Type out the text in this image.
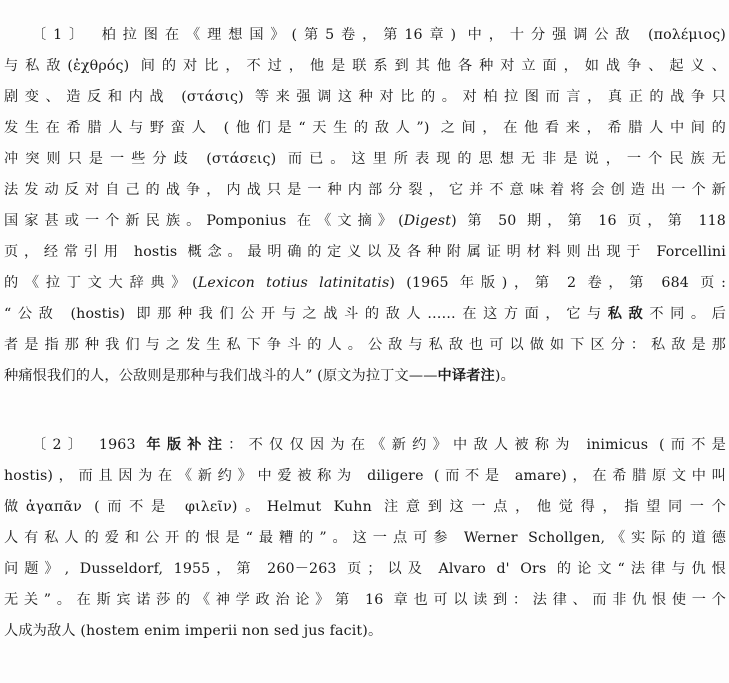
〔1〕 柏拉图在《理想国》(第5卷，第16章) 中，十分强调公敌 (πολέμιος)
与私敌(ἐχθρός) 间的对比，不过，他是联系到其他各种对立面，如战争、起义、
剧变、造反和内战 (στάσις) 等来强调这种对比的。对柏拉图而言，真正的战争只
发生在希腊人与野蛮人 (他们是“天生的敌人”) 之间，在他看来，希腊人中间的
冲突则只是一些分歧 (στάσεις) 而已。这里所表现的思想无非是说，一个民族无
法发动反对自己的战争，内战只是一种内部分裂，它并不意味着将会创造出一个新
国家甚或一个新民族。Pomponius 在《文摘》(Digest) 第 50 期，第 16 页，第 118
页，经常引用 hostis 概念。最明确的定义以及各种附属证明材料则出现于 Forcellini
的《拉丁文大辞典》(Lexicon totius latinitatis) (1965 年版)，第 2 卷，第 684 页:
“公敌 (hostis) 即那种我们公开与之战斗的敌人……在这方面，它与私敌不同。后
者是指那种我们与之发生私下争斗的人。公敌与私敌也可以做如下区分：私敌是那
种痛恨我们的人，公敌则是那种与我们战斗的人” (原文为拉丁文——中译者注)。
〔2〕 1963 年版补注：不仅仅因为在《新约》中敌人被称为 inimicus (而不是
hostis)，而且因为在《新约》中爱被称为 diligere (而不是 amare)，在希腊原文中叫
做ἀγαπᾶν (而不是 φιλεῖν)。Helmut Kuhn 注意到这一点，他觉得，指望同一个
人有私人的爱和公开的恨是“最糟的”。这一点可参 Werner Schollgen,《实际的道德
问题》, Dusseldorf, 1955，第 260－263 页；以及 Alvaro d' Ors 的论文“法律与仇恨
无关”。在斯宾诺莎的《神学政治论》第 16 章也可以读到：法律、而非仇恨使一个
人成为敌人 (hostem enim imperii non sed jus facit)。
